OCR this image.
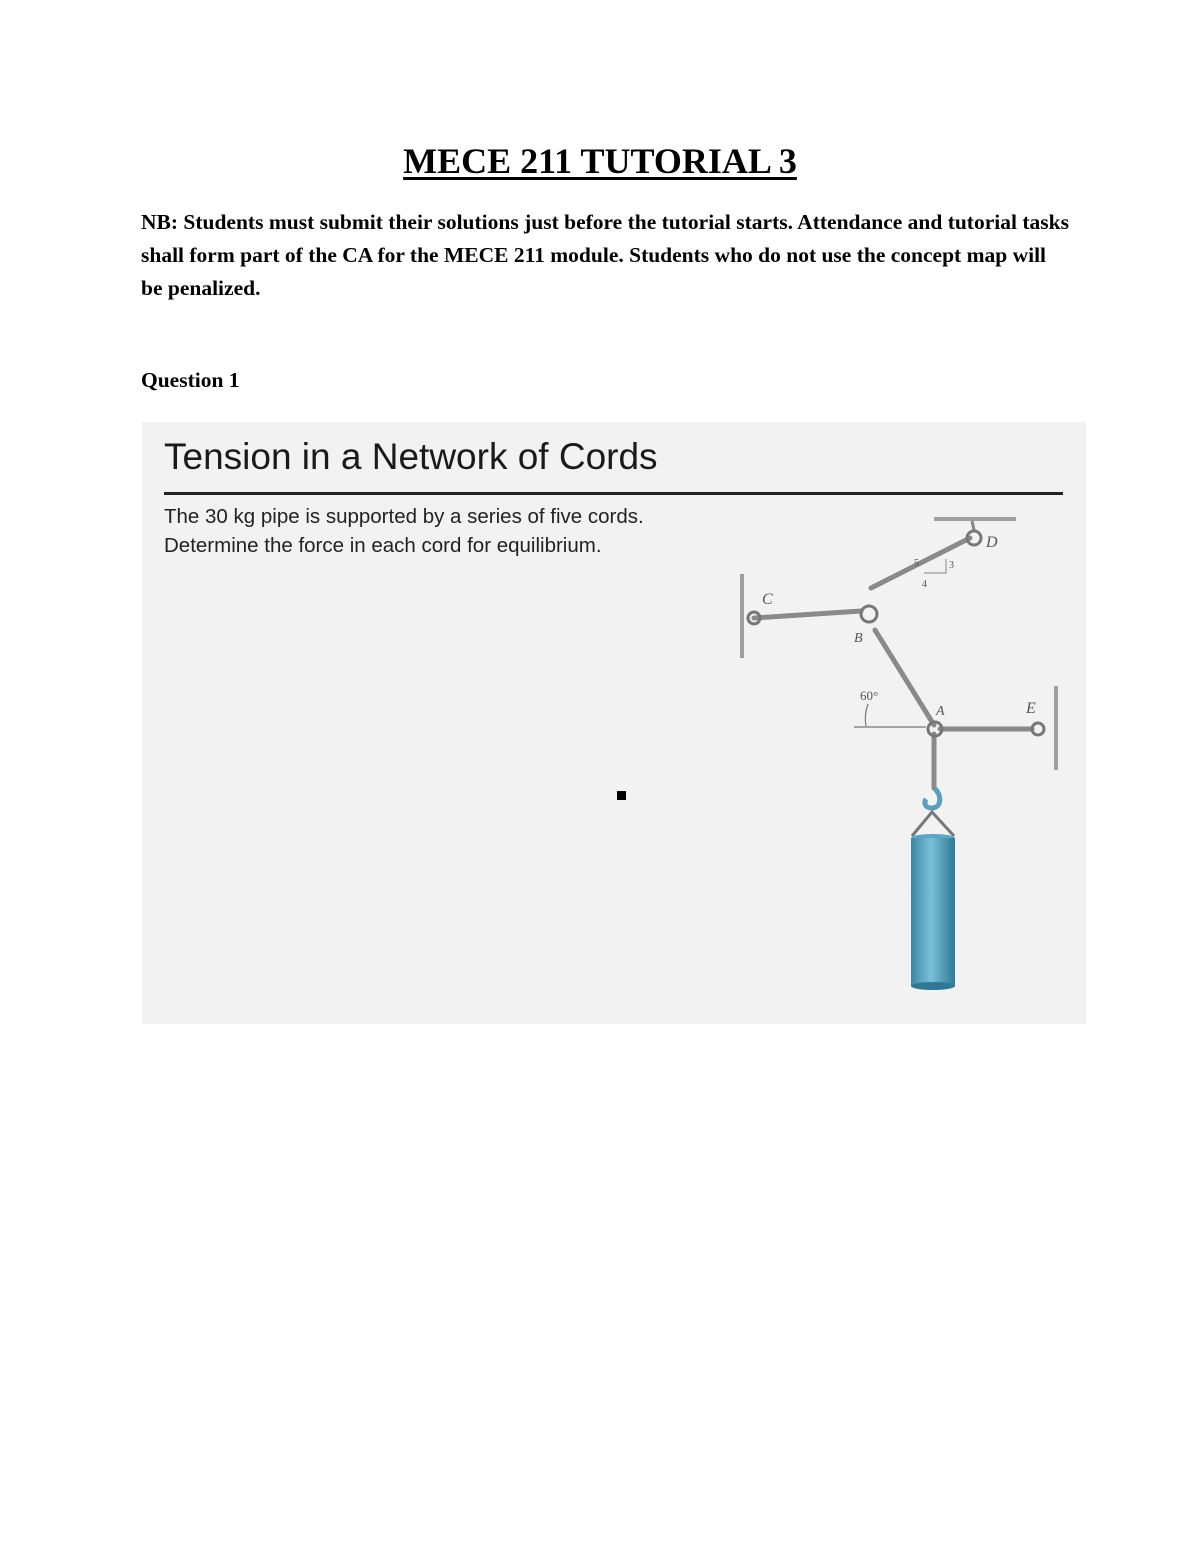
MECE 211 TUTORIAL 3
NB: Students must submit their solutions just before the tutorial starts. Attendance and tutorial tasks shall form part of the CA for the MECE 211 module. Students who do not use the concept map will be penalized.
Question 1
Tension in a Network of Cords
The 30 kg pipe is supported by a series of five cords.
Determine the force in each cord for equilibrium.
C
D
B
A	E
60°
5	3
4
